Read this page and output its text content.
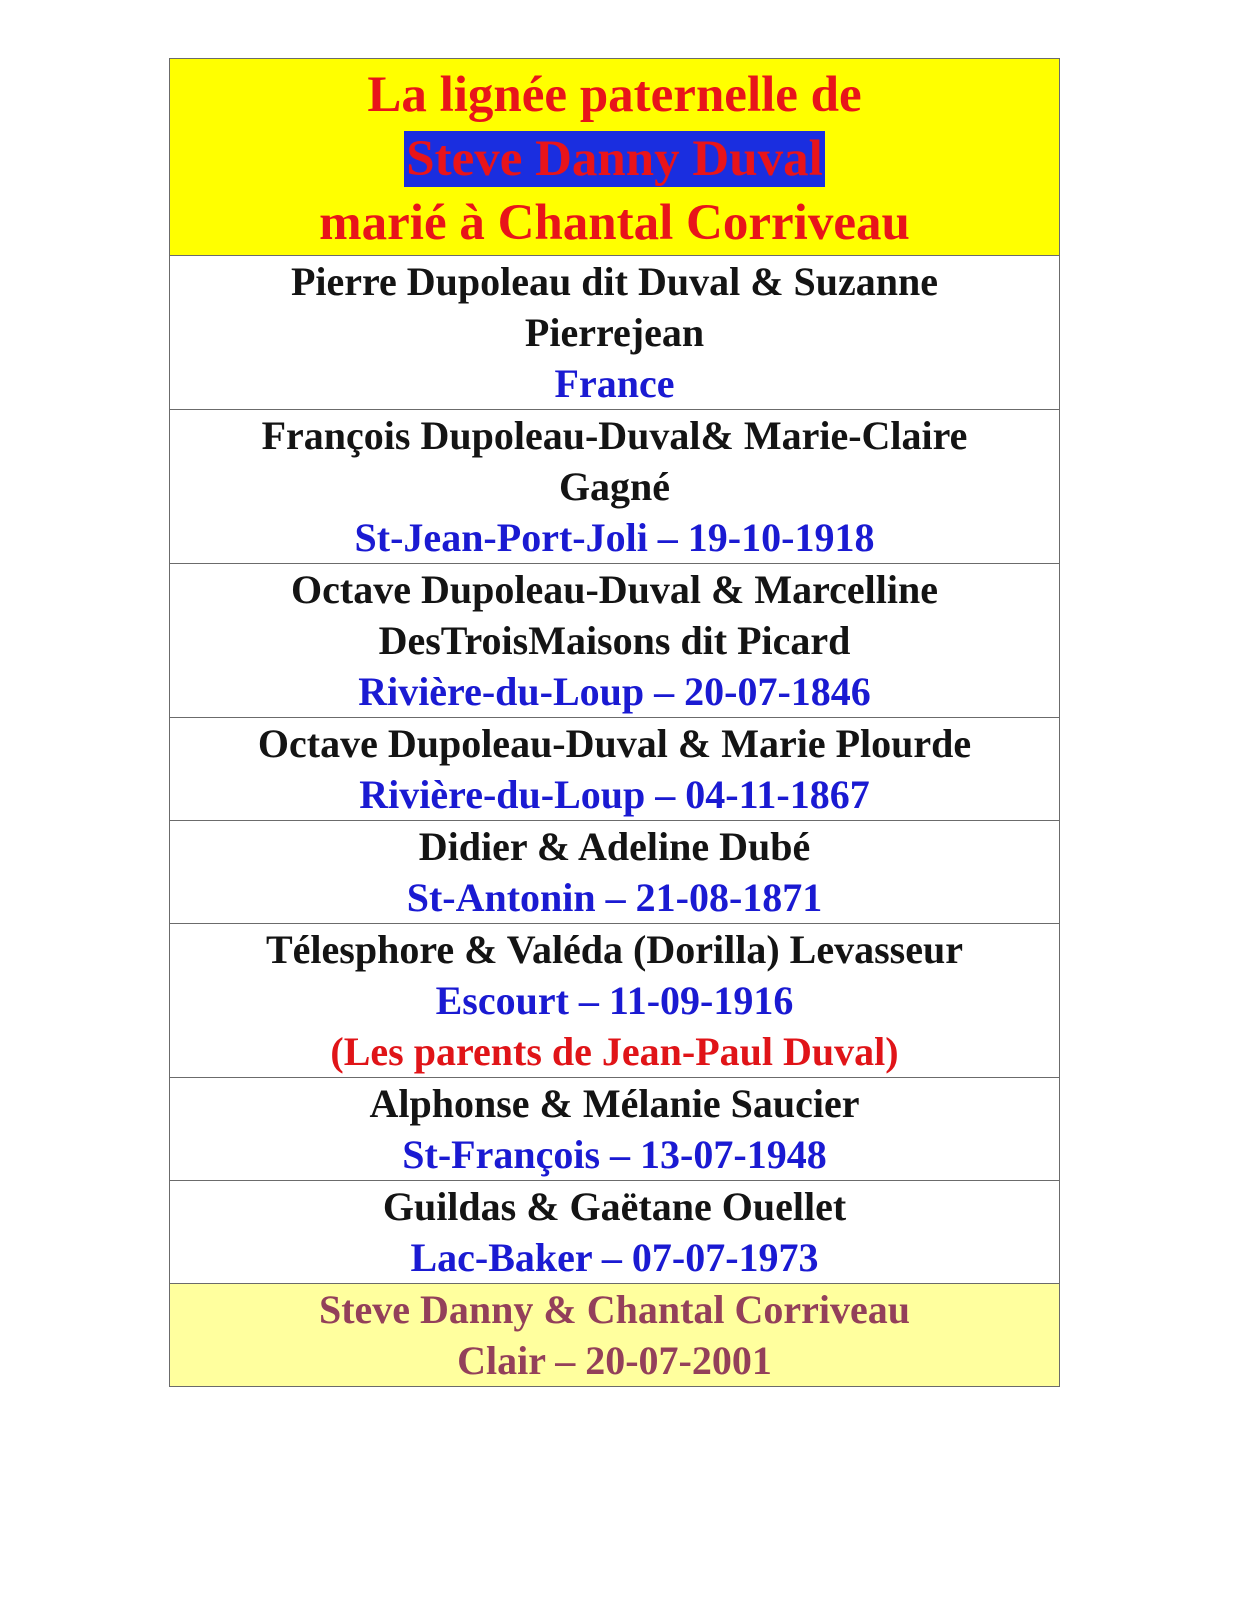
La lignée paternelle de
Steve Danny Duval
marié à Chantal Corriveau

Pierre Dupoleau dit Duval & Suzanne
Pierrejean
France

François Dupoleau-Duval& Marie-Claire
Gagné
St-Jean-Port-Joli – 19-10-1918

Octave Dupoleau-Duval & Marcelline
DesTroisMaisons dit Picard
Rivière-du-Loup – 20-07-1846

Octave Dupoleau-Duval & Marie Plourde
Rivière-du-Loup – 04-11-1867

Didier & Adeline Dubé
St-Antonin – 21-08-1871

Télesphore & Valéda (Dorilla) Levasseur
Escourt – 11-09-1916
(Les parents de Jean-Paul Duval)

Alphonse & Mélanie Saucier
St-François – 13-07-1948

Guildas & Gaëtane Ouellet
Lac-Baker – 07-07-1973

Steve Danny & Chantal Corriveau
Clair – 20-07-2001
